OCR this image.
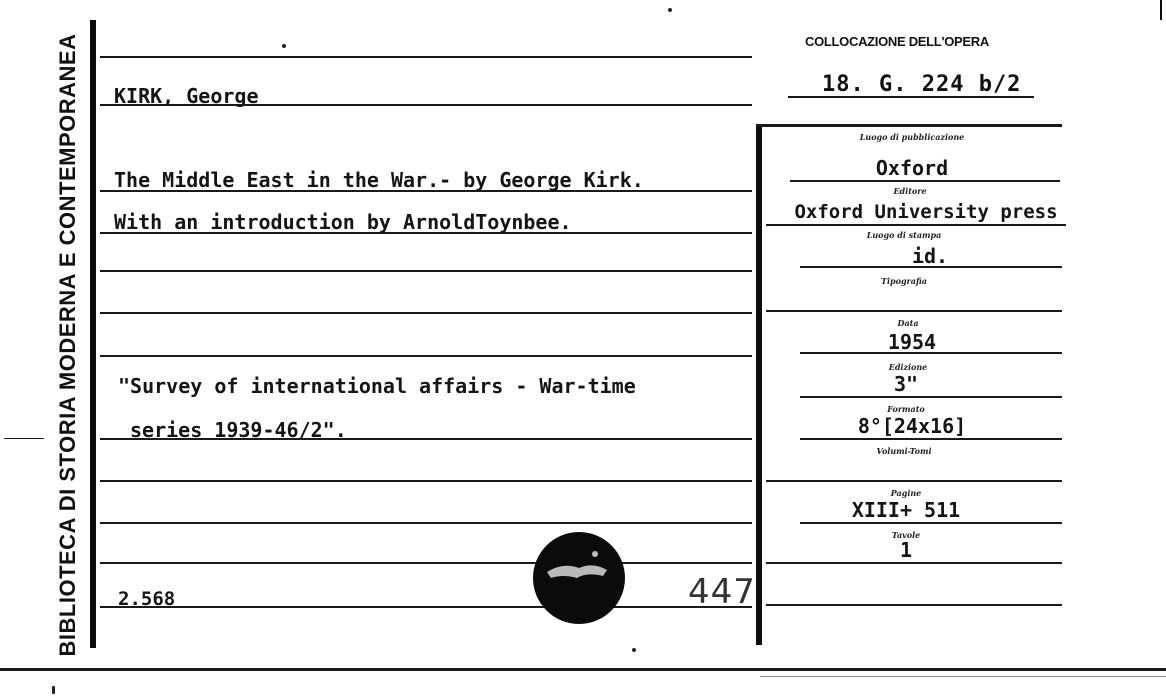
BIBLIOTECA DI STORIA MODERNA E CONTEMPORANEA	COLLOCAZIONE DELL'OPERA
18. G. 224 b/2
KIRK, George
The Middle East in the War.- by George Kirk.
With an introduction by ArnoldToynbee.
"Survey of international affairs - War-time
series 1939-46/2".
2.568
Luogo di pubblicazione
Editore
Luogo di stampa
Tipografia
Data
Edizione
Formato
Volumi-Tomi
Pagine
Tavole
Oxford
Oxford University press
id.
1954
3"
8°[24x16]
XIII+ 511
1
447
